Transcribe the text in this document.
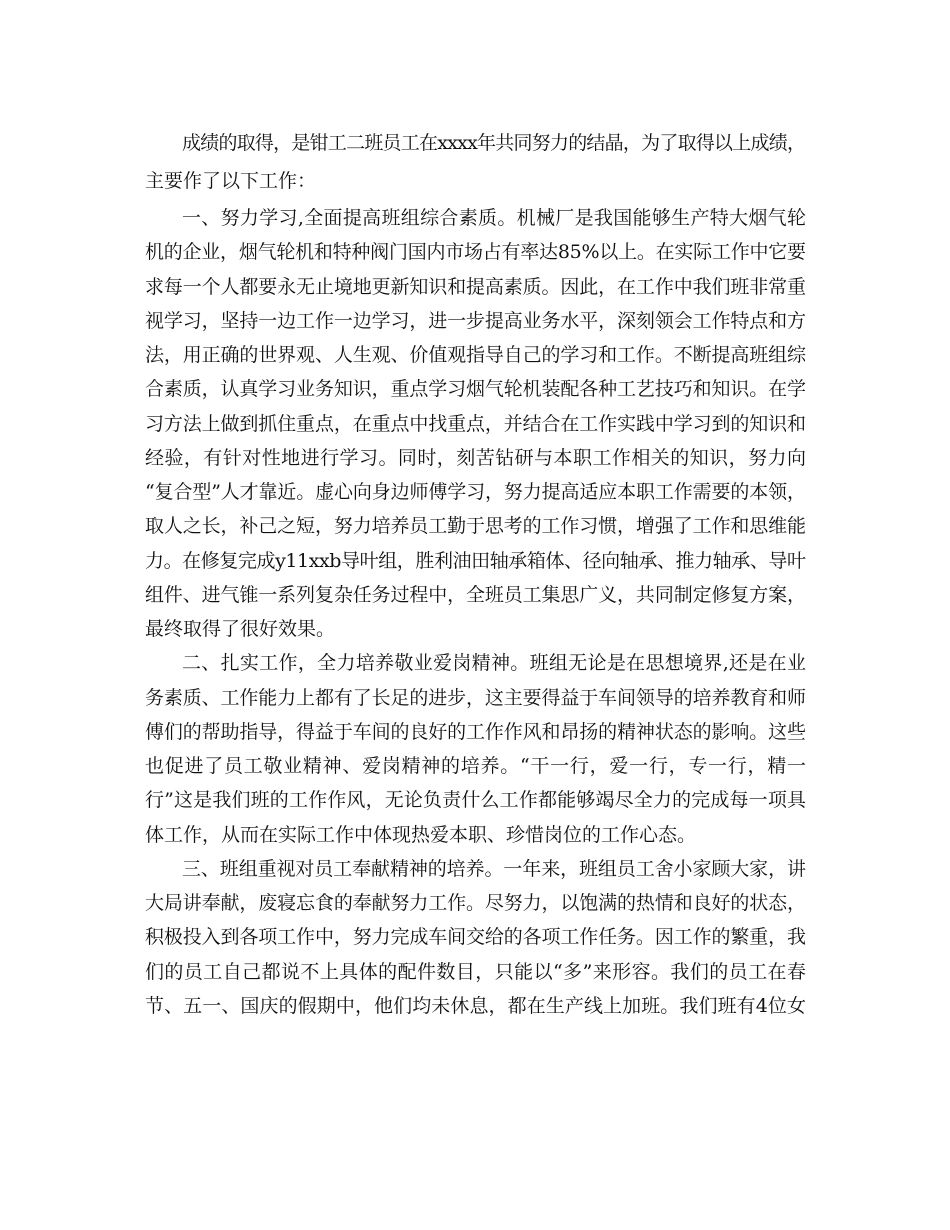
成绩的取得，是钳工二班员工在xxxx年共同努力的结晶，为了取得以上成绩，
主要作了以下工作：
一、努力学习,全面提高班组综合素质。机械厂是我国能够生产特大烟气轮
机的企业，烟气轮机和特种阀门国内市场占有率达85%以上。在实际工作中它要
求每一个人都要永无止境地更新知识和提高素质。因此，在工作中我们班非常重
视学习，坚持一边工作一边学习，进一步提高业务水平，深刻领会工作特点和方
法，用正确的世界观、人生观、价值观指导自己的学习和工作。不断提高班组综
合素质，认真学习业务知识，重点学习烟气轮机装配各种工艺技巧和知识。在学
习方法上做到抓住重点，在重点中找重点，并结合在工作实践中学习到的知识和
经验，有针对性地进行学习。同时，刻苦钻研与本职工作相关的知识，努力向
“复合型”人才靠近。虚心向身边师傅学习，努力提高适应本职工作需要的本领，
取人之长，补己之短，努力培养员工勤于思考的工作习惯，增强了工作和思维能
力。在修复完成y11xxb导叶组，胜利油田轴承箱体、径向轴承、推力轴承、导叶
组件、进气锥一系列复杂任务过程中，全班员工集思广义，共同制定修复方案，
最终取得了很好效果。
二、扎实工作，全力培养敬业爱岗精神。班组无论是在思想境界,还是在业
务素质、工作能力上都有了长足的进步，这主要得益于车间领导的培养教育和师
傅们的帮助指导，得益于车间的良好的工作作风和昂扬的精神状态的影响。这些
也促进了员工敬业精神、爱岗精神的培养。“干一行，爱一行，专一行，精一
行”这是我们班的工作作风，无论负责什么工作都能够竭尽全力的完成每一项具
体工作，从而在实际工作中体现热爱本职、珍惜岗位的工作心态。
三、班组重视对员工奉献精神的培养。一年来，班组员工舍小家顾大家，讲
大局讲奉献，废寝忘食的奉献努力工作。尽努力，以饱满的热情和良好的状态，
积极投入到各项工作中，努力完成车间交给的各项工作任务。因工作的繁重，我
们的员工自己都说不上具体的配件数目，只能以“多”来形容。我们的员工在春
节、五一、国庆的假期中，他们均未休息，都在生产线上加班。我们班有4位女
